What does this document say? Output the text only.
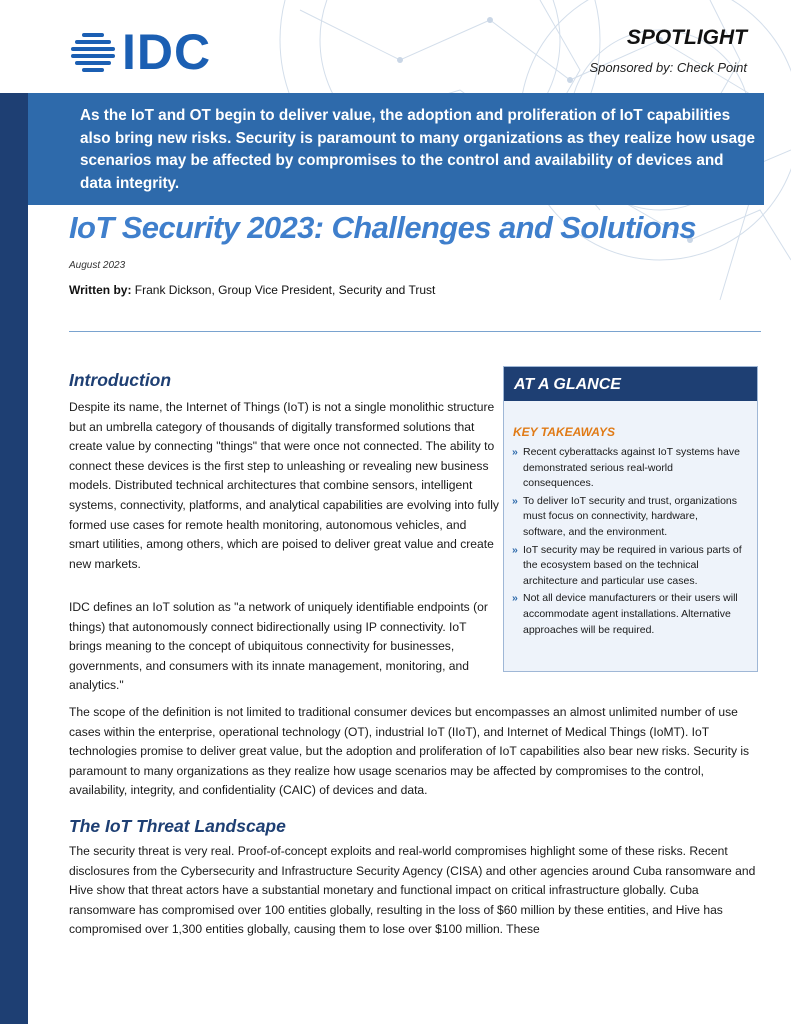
IDC	SPOTLIGHT
Sponsored by: Check Point
As the IoT and OT begin to deliver value, the adoption and proliferation of IoT capabilities also bring new risks. Security is paramount to many organizations as they realize how usage scenarios may be affected by compromises to the control and availability of devices and data integrity.
IoT Security 2023: Challenges and Solutions
August 2023
Written by: Frank Dickson, Group Vice President, Security and Trust
Introduction

Despite its name, the Internet of Things (IoT) is not a single monolithic structure but an umbrella category of thousands of digitally transformed solutions that create value by connecting "things" that were once not connected. The ability to connect these devices is the first step to unleashing or revealing new business models. Distributed technical architectures that combine sensors, intelligent systems, connectivity, platforms, and analytical capabilities are evolving into fully formed use cases for remote health monitoring, autonomous vehicles, and smart utilities, among others, which are poised to deliver great value and create new markets.

IDC defines an IoT solution as "a network of uniquely identifiable endpoints (or things) that autonomously connect bidirectionally using IP connectivity. IoT brings meaning to the concept of ubiquitous connectivity for businesses, governments, and consumers with its innate management, monitoring, and analytics."

The scope of the definition is not limited to traditional consumer devices but encompasses an almost unlimited number of use cases within the enterprise, operational technology (OT), industrial IoT (IIoT), and Internet of Medical Things (IoMT). IoT technologies promise to deliver great value, but the adoption and proliferation of IoT capabilities also bear new risks. Security is paramount to many organizations as they realize how usage scenarios may be affected by compromises to the control, availability, integrity, and confidentiality (CAIC) of devices and data.

AT A GLANCE
KEY TAKEAWAYS
» Recent cyberattacks against IoT systems have demonstrated serious real-world consequences.
» To deliver IoT security and trust, organizations must focus on connectivity, hardware, software, and the environment.
» IoT security may be required in various parts of the ecosystem based on the technical architecture and particular use cases.
» Not all device manufacturers or their users will accommodate agent installations. Alternative approaches will be required.
The IoT Threat Landscape

The security threat is very real. Proof-of-concept exploits and real-world compromises highlight some of these risks. Recent disclosures from the Cybersecurity and Infrastructure Security Agency (CISA) and other agencies around Cuba ransomware and Hive show that threat actors have a substantial monetary and functional impact on critical infrastructure globally. Cuba ransomware has compromised over 100 entities globally, resulting in the loss of $60 million by these entities, and Hive has compromised over 1,300 entities globally, causing them to lose over $100 million. These
